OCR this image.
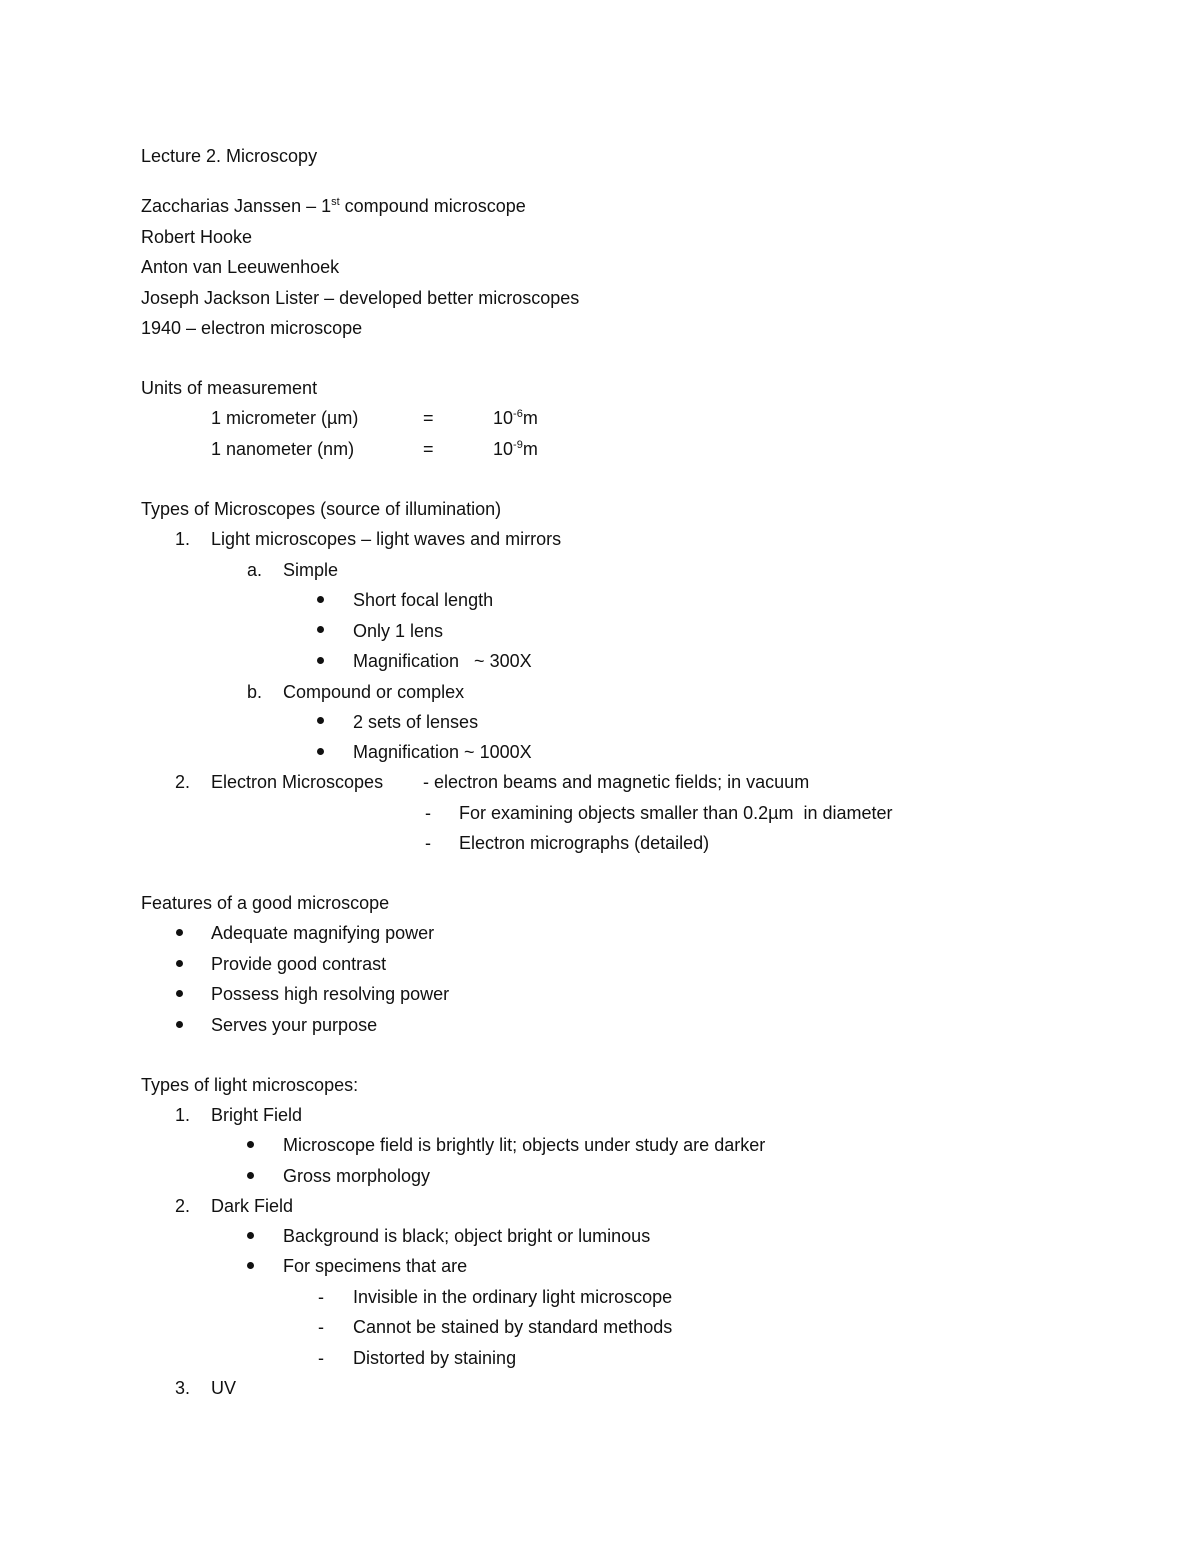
Lecture 2. Microscopy
Zaccharias Janssen – 1st compound microscope
Robert Hooke
Anton van Leeuwenhoek
Joseph Jackson Lister – developed better microscopes
1940 – electron microscope
Units of measurement
1 micrometer (µm)	=	$10^{-6}m$
1 nanometer (nm)	=	$10^{-9}m$
Types of Microscopes (source of illumination)
1. Light microscopes – light waves and mirrors
a. Simple
Short focal length
Only 1 lens
Magnification   ~ 300X
b. Compound or complex
2 sets of lenses
Magnification ~ 1000X
2. Electron Microscopes - electron beams and magnetic fields; in vacuum
- For examining objects smaller than 0.2µm  in diameter
- Electron micrographs (detailed)
Features of a good microscope
Adequate magnifying power
Provide good contrast
Possess high resolving power
Serves your purpose
Types of light microscopes:
1. Bright Field
Microscope field is brightly lit; objects under study are darker
Gross morphology
2. Dark Field
Background is black; object bright or luminous
For specimens that are
- Invisible in the ordinary light microscope
- Cannot be stained by standard methods
- Distorted by staining
3. UV
